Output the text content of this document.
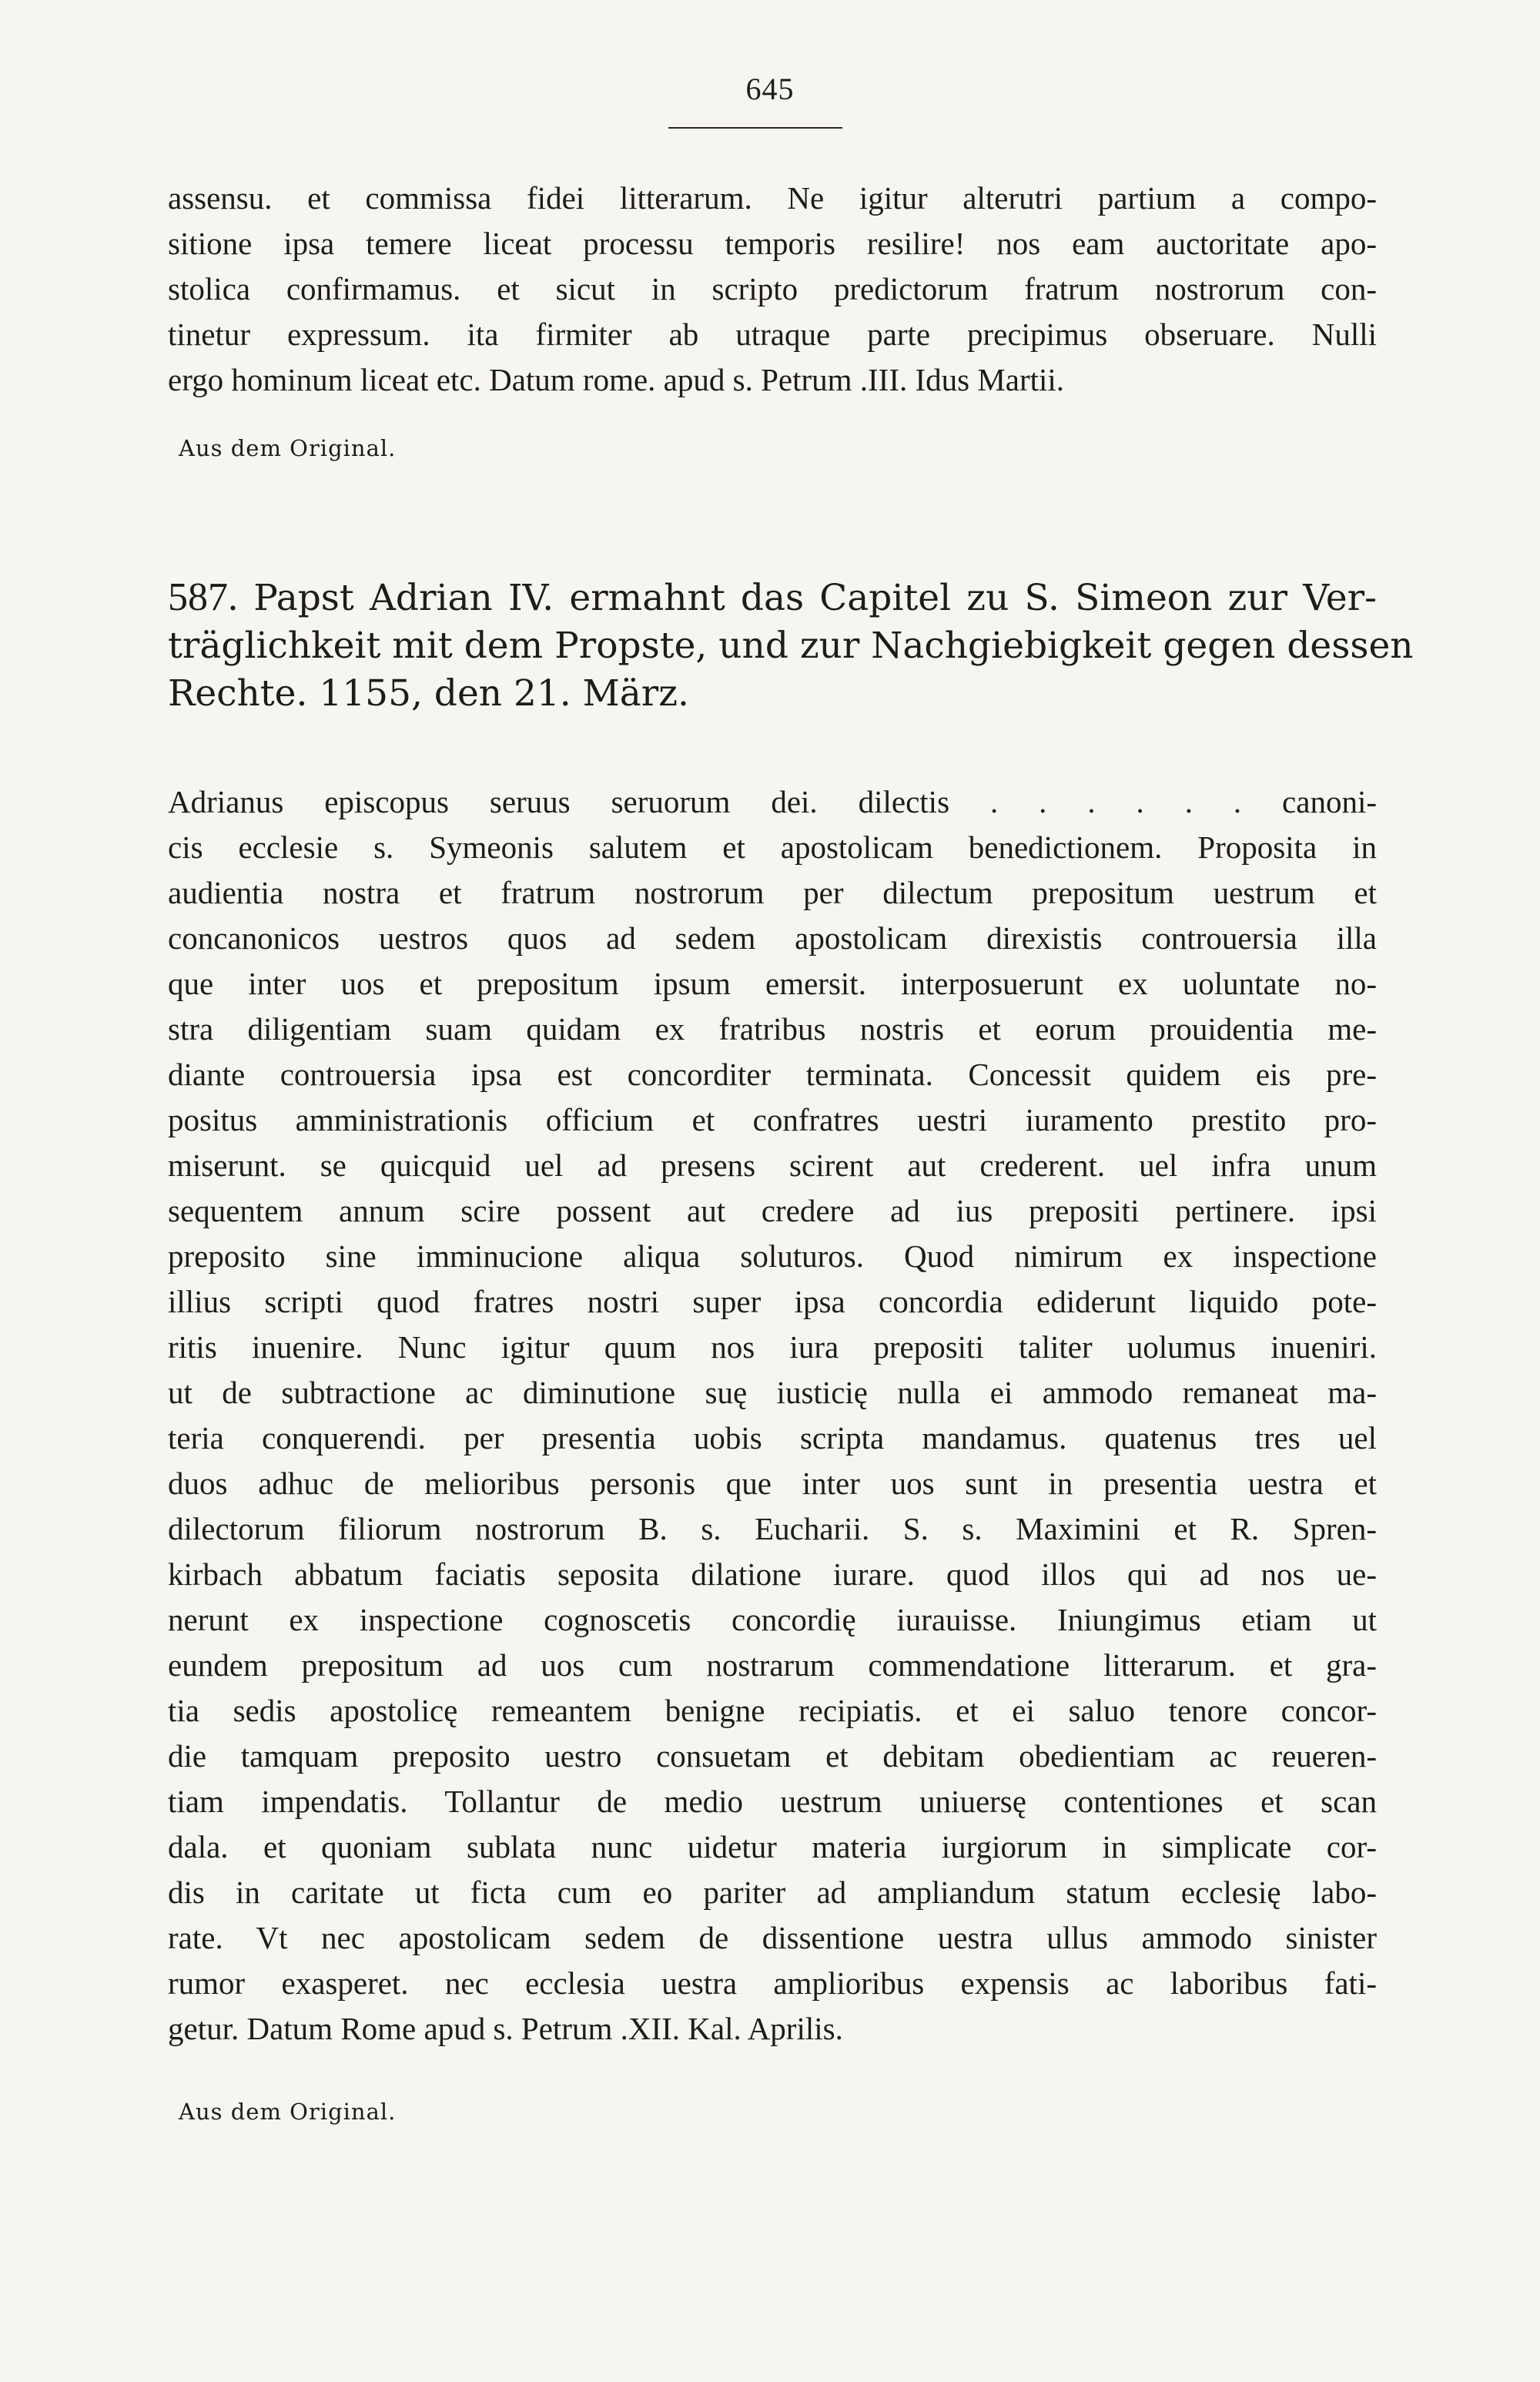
645
assensu. et commissa fidei litterarum. Ne igitur alterutri partium a compo-
sitione ipsa temere liceat processu temporis resilire! nos eam auctoritate apo-
stolica confirmamus. et sicut in scripto predictorum fratrum nostrorum con-
tinetur expressum. ita firmiter ab utraque parte precipimus obseruare. Nulli
ergo hominum liceat etc. Datum rome. apud s. Petrum .III. Idus Martii.
Aus dem Original.
587. Papst Adrian IV. ermahnt das Capitel zu S. Simeon zur Ver-
träglichkeit mit dem Propste, und zur Nachgiebigkeit gegen dessen
Rechte. 1155, den 21. März.
Adrianus episcopus seruus seruorum dei. dilectis . . . . . . canoni-
cis ecclesie s. Symeonis salutem et apostolicam benedictionem. Proposita in
audientia nostra et fratrum nostrorum per dilectum prepositum uestrum et
concanonicos uestros quos ad sedem apostolicam direxistis controuersia illa
que inter uos et prepositum ipsum emersit. interposuerunt ex uoluntate no-
stra diligentiam suam quidam ex fratribus nostris et eorum prouidentia me-
diante controuersia ipsa est concorditer terminata. Concessit quidem eis pre-
positus amministrationis officium et confratres uestri iuramento prestito pro-
miserunt. se quicquid uel ad presens scirent aut crederent. uel infra unum
sequentem annum scire possent aut credere ad ius prepositi pertinere. ipsi
preposito sine imminucione aliqua soluturos. Quod nimirum ex inspectione
illius scripti quod fratres nostri super ipsa concordia ediderunt liquido pote-
ritis inuenire. Nunc igitur quum nos iura prepositi taliter uolumus inueniri.
ut de subtractione ac diminutione suę iusticię nulla ei ammodo remaneat ma-
teria conquerendi. per presentia uobis scripta mandamus. quatenus tres uel
duos adhuc de melioribus personis que inter uos sunt in presentia uestra et
dilectorum filiorum nostrorum B. s. Eucharii. S. s. Maximini et R. Spren-
kirbach abbatum faciatis seposita dilatione iurare. quod illos qui ad nos ue-
nerunt ex inspectione cognoscetis concordię iurauisse. Iniungimus etiam ut
eundem prepositum ad uos cum nostrarum commendatione litterarum. et gra-
tia sedis apostolicę remeantem benigne recipiatis. et ei saluo tenore concor-
die tamquam preposito uestro consuetam et debitam obedientiam ac reueren-
tiam impendatis. Tollantur de medio uestrum uniuersę contentiones et scan
dala. et quoniam sublata nunc uidetur materia iurgiorum in simplicate cor-
dis in caritate ut ficta cum eo pariter ad ampliandum statum ecclesię labo-
rate. Vt nec apostolicam sedem de dissentione uestra ullus ammodo sinister
rumor exasperet. nec ecclesia uestra amplioribus expensis ac laboribus fati-
getur. Datum Rome apud s. Petrum .XII. Kal. Aprilis.
Aus dem Original.
